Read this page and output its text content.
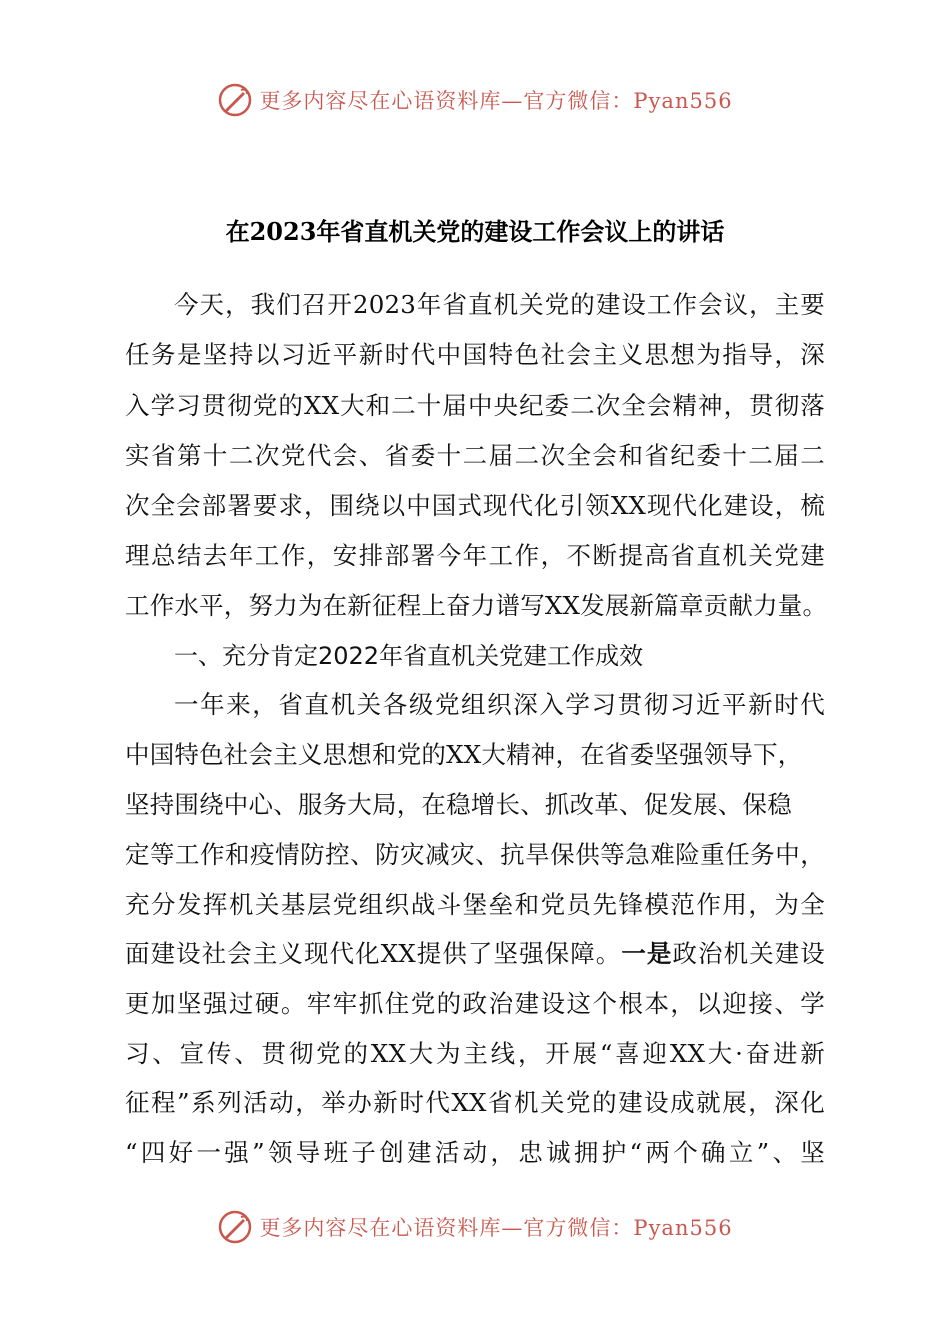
更多内容尽在心语资料库—官方微信：Pyan556
在2023年省直机关党的建设工作会议上的讲话
今天，我们召开2023年省直机关党的建设工作会议，主要
任务是坚持以习近平新时代中国特色社会主义思想为指导，深
入学习贯彻党的XX大和二十届中央纪委二次全会精神，贯彻落
实省第十二次党代会、省委十二届二次全会和省纪委十二届二
次全会部署要求，围绕以中国式现代化引领XX现代化建设，梳
理总结去年工作，安排部署今年工作，不断提高省直机关党建
工作水平，努力为在新征程上奋力谱写XX发展新篇章贡献力量。
一、充分肯定2022年省直机关党建工作成效
一年来，省直机关各级党组织深入学习贯彻习近平新时代
中国特色社会主义思想和党的XX大精神，在省委坚强领导下，
坚持围绕中心、服务大局，在稳增长、抓改革、促发展、保稳
定等工作和疫情防控、防灾减灾、抗旱保供等急难险重任务中，
充分发挥机关基层党组织战斗堡垒和党员先锋模范作用，为全
面建设社会主义现代化XX提供了坚强保障。一是政治机关建设
更加坚强过硬。牢牢抓住党的政治建设这个根本，以迎接、学
习、宣传、贯彻党的XX大为主线，开展“喜迎XX大·奋进新
征程”系列活动，举办新时代XX省机关党的建设成就展，深化
“四好一强”领导班子创建活动，忠诚拥护“两个确立”、坚
更多内容尽在心语资料库—官方微信：Pyan556
